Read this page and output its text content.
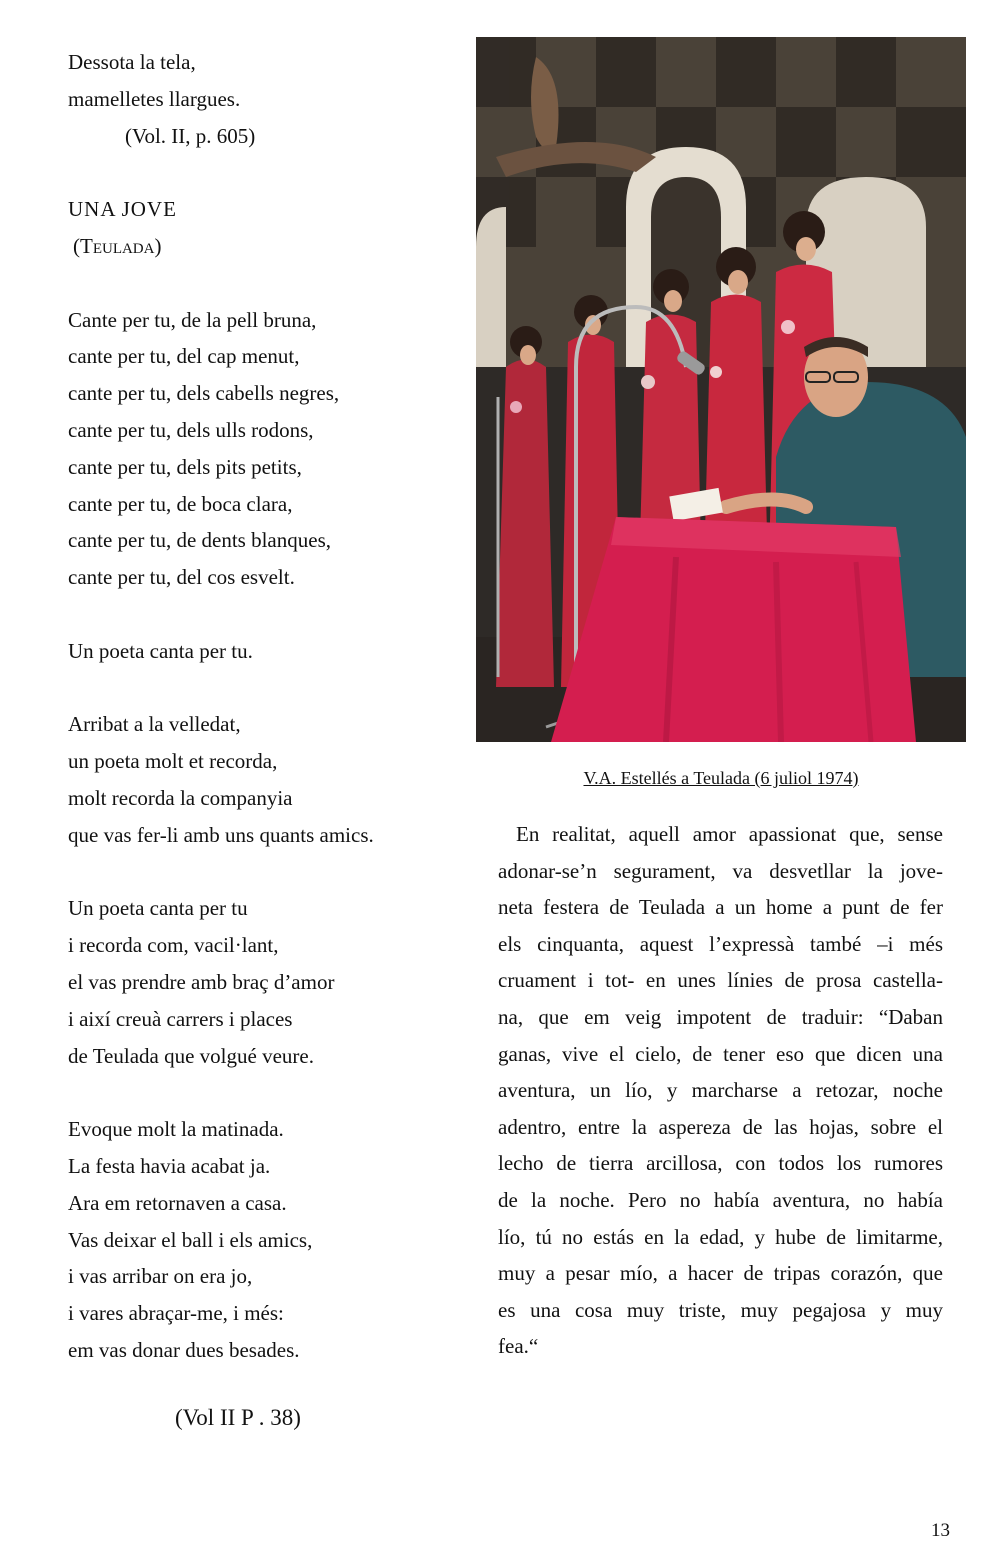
Dessota la tela,
mamelletes llargues.
(Vol. II, p. 605)
UNA JOVE
(Teulada)
Cante per tu, de la pell bruna,
cante per tu, del cap menut,
cante per tu, dels cabells negres,
cante per tu, dels ulls rodons,
cante per tu, dels pits petits,
cante per tu, de boca clara,
cante per tu, de dents blanques,
cante per tu, del cos esvelt.
Un poeta canta per tu.
Arribat a la velledat,
un poeta molt et recorda,
molt recorda la companyia
que vas fer-li amb uns quants amics.
Un poeta canta per tu
i recorda com, vacil·lant,
el vas prendre amb braç d’amor
i així creuà carrers i places
de Teulada que volgué veure.
Evoque molt la matinada.
La festa havia acabat ja.
Ara em retornaven a casa.
Vas deixar el ball i els amics,
i vas arribar on era jo,
i vares abraçar-me, i més:
em vas donar dues besades.
(Vol II P . 38)
V.A. Estellés a Teulada (6 juliol 1974)
En realitat, aquell amor apassionat que, sense
adonar-se’n segurament, va desvetllar la jove-
neta festera de Teulada a un home a punt de fer
els cinquanta, aquest l’expressà també –i més
cruament i tot- en unes línies de prosa castella-
na, que em veig impotent de traduir: “Daban
ganas, vive el cielo, de tener eso que dicen una
aventura, un lío, y marcharse a retozar, noche
adentro, entre la aspereza de las hojas, sobre el
lecho de tierra arcillosa, con todos los rumores
de la noche. Pero no había aventura, no había
lío, tú no estás en la edad, y hube de limitarme,
muy a pesar mío, a hacer de tripas corazón, que
es una cosa muy triste, muy pegajosa y muy
fea.“
13
